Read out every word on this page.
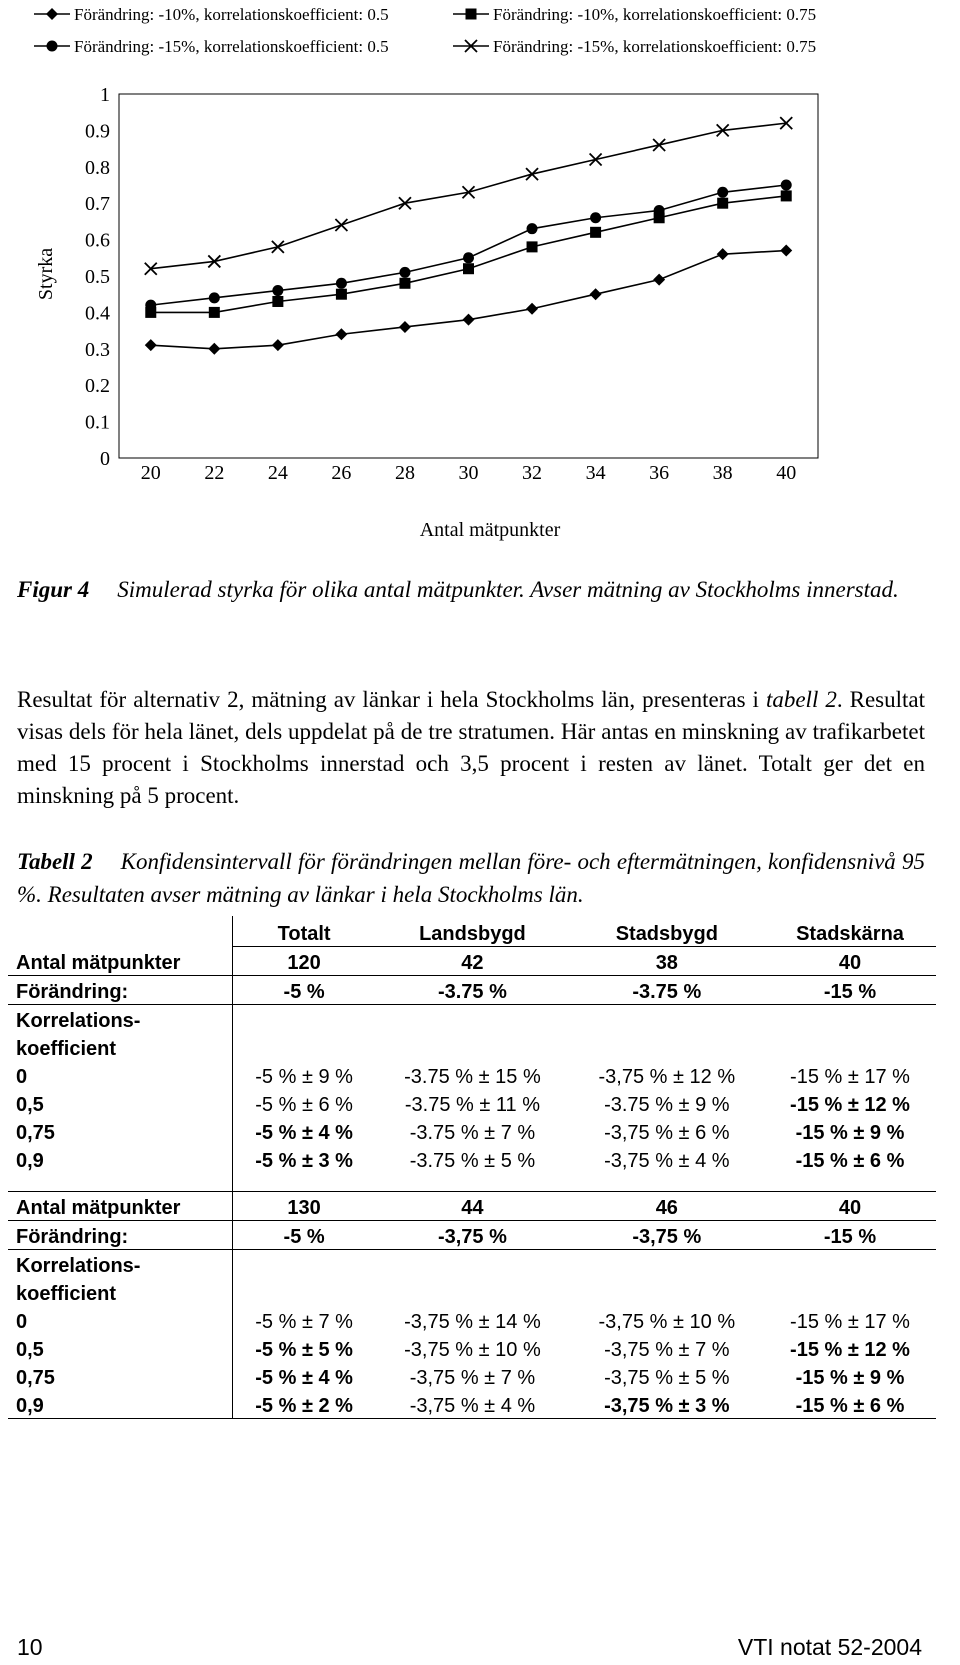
Förändring: -10%, korrelationskoefficient: 0.5	Förändring: -10%, korrelationskoefficient: 0.75
Förändring: -15%, korrelationskoefficient: 0.5	Förändring: -15%, korrelationskoefficient: 0.75
Styrka
Antal mätpunkter
0
0.1
0.2
0.3
0.4
0.5
0.6
0.7
0.8
0.9
1
20 22 24 26 28 30 32 34 36 38 40
Figur 4 Simulerad styrka för olika antal mätpunkter. Avser mätning av Stockholms innerstad.
Resultat för alternativ 2, mätning av länkar i hela Stockholms län, presenteras i tabell 2. Resultat visas dels för hela länet, dels uppdelat på de tre stratumen. Här antas en minskning av trafikarbetet med 15 procent i Stockholms innerstad och 3,5 procent i resten av länet. Totalt ger det en minskning på 5 procent.
Tabell 2 Konfidensintervall för förändringen mellan före- och eftermätningen, konfidensnivå 95 %. Resultaten avser mätning av länkar i hela Stockholms län.
	Totalt	Landsbygd	Stadsbygd	Stadskärna
Antal mätpunkter	120	42	38	40
Förändring:	-5 %	-3.75 %	-3.75 %	-15 %
Korrelations-				
koefficient				
0	-5 % ± 9 %	-3.75 % ± 15 %	-3,75 % ± 12 %	-15 % ± 17 %
0,5	-5 % ± 6 %	-3.75 % ± 11 %	-3.75 % ± 9 %	-15 % ± 12 %
0,75	-5 % ± 4 %	-3.75 % ± 7 %	-3,75 % ± 6 %	-15 % ± 9 %
0,9	-5 % ± 3 %	-3.75 % ± 5 %	-3,75 % ± 4 %	-15 % ± 6 %

Antal mätpunkter	130	44	46	40
Förändring:	-5 %	-3,75 %	-3,75 %	-15 %
Korrelations-				
koefficient				
0	-5 % ± 7 %	-3,75 % ± 14 %	-3,75 % ± 10 %	-15 % ± 17 %
0,5	-5 % ± 5 %	-3,75 % ± 10 %	-3,75 % ± 7 %	-15 % ± 12 %
0,75	-5 % ± 4 %	-3,75 % ± 7 %	-3,75 % ± 5 %	-15 % ± 9 %
0,9	-5 % ± 2 %	-3,75 % ± 4 %	-3,75 % ± 3 %	-15 % ± 6 %
10	VTI notat 52-2004
